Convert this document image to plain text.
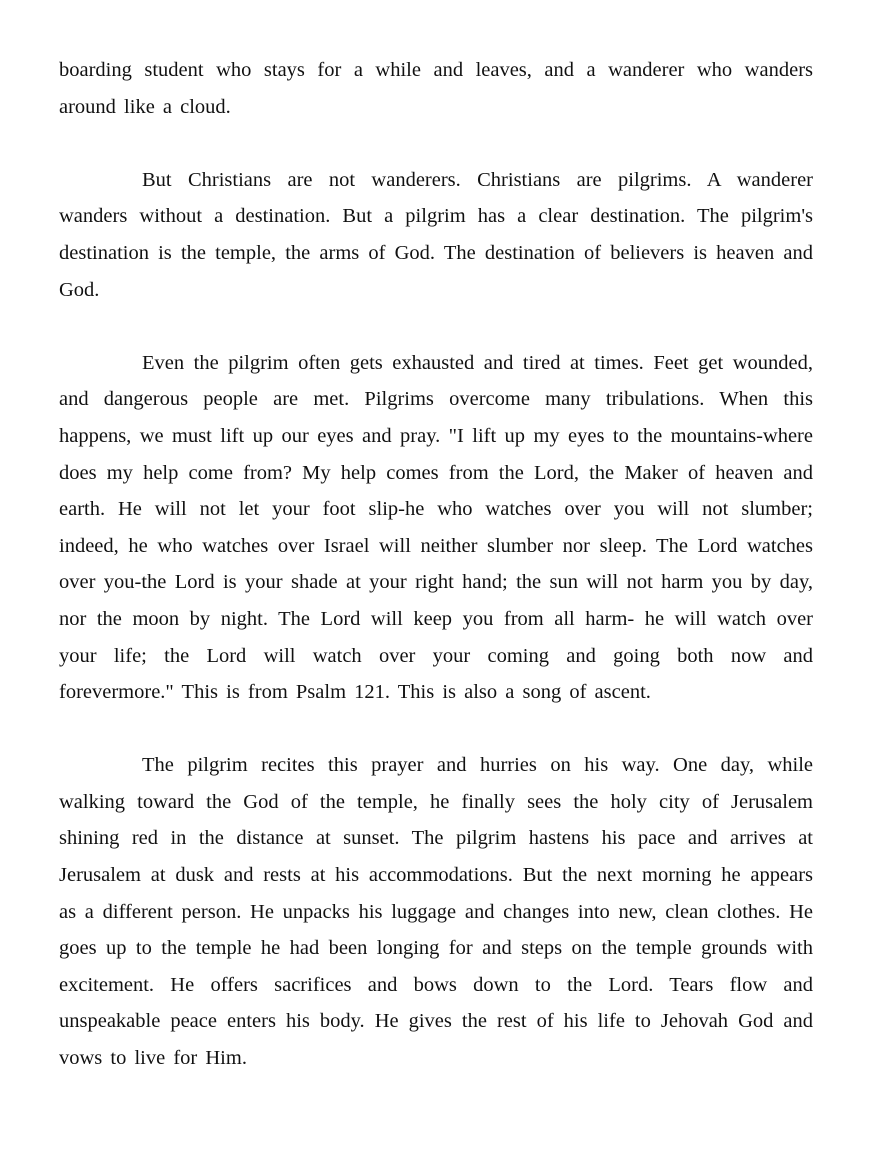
boarding student who stays for a while and leaves, and a wanderer who wanders around like a cloud.

But Christians are not wanderers. Christians are pilgrims. A wanderer wanders without a destination. But a pilgrim has a clear destination. The pilgrim's destination is the temple, the arms of God. The destination of believers is heaven and God.

Even the pilgrim often gets exhausted and tired at times. Feet get wounded, and dangerous people are met. Pilgrims overcome many tribulations. When this happens, we must lift up our eyes and pray. "I lift up my eyes to the mountains-where does my help come from? My help comes from the Lord, the Maker of heaven and earth. He will not let your foot slip-he who watches over you will not slumber; indeed, he who watches over Israel will neither slumber nor sleep. The Lord watches over you-the Lord is your shade at your right hand; the sun will not harm you by day, nor the moon by night. The Lord will keep you from all harm- he will watch over your life; the Lord will watch over your coming and going both now and forevermore." This is from Psalm 121. This is also a song of ascent.

The pilgrim recites this prayer and hurries on his way. One day, while walking toward the God of the temple, he finally sees the holy city of Jerusalem shining red in the distance at sunset. The pilgrim hastens his pace and arrives at Jerusalem at dusk and rests at his accommodations. But the next morning he appears as a different person. He unpacks his luggage and changes into new, clean clothes. He goes up to the temple he had been longing for and steps on the temple grounds with excitement. He offers sacrifices and bows down to the Lord. Tears flow and unspeakable peace enters his body. He gives the rest of his life to Jehovah God and vows to live for Him.
